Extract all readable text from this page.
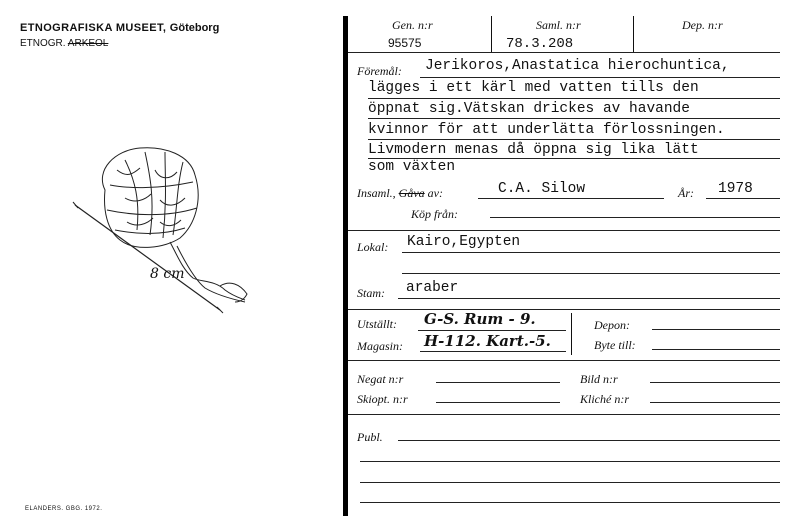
ETNOGRAFISKA MUSEET, Göteborg
ETNOGR. ARKEOL
8 cm
ELANDERS. GBG. 1972.
Gen. n:r
95575
Saml. n:r
78.3.208
Dep. n:r
Föremål: Jerikoros,Anastatica hierochuntica,
lägges i ett kärl med vatten tills den
öppnat sig.Vätskan drickes av havande
kvinnor för att underlätta förlossningen.
Livmodern menas då öppna sig lika lätt
som växten
Insaml., Gåva av:	C.A. Silow	År: 1978
Köp från:
Lokal: Kairo,Egypten
Stam: araber
Utställt: G-S. Rum - 9.
Magasin: H-112. Kart.-5.
Depon:
Byte till:
Negat n:r	Bild n:r
Skiopt. n:r	Kliché n:r
Publ.
